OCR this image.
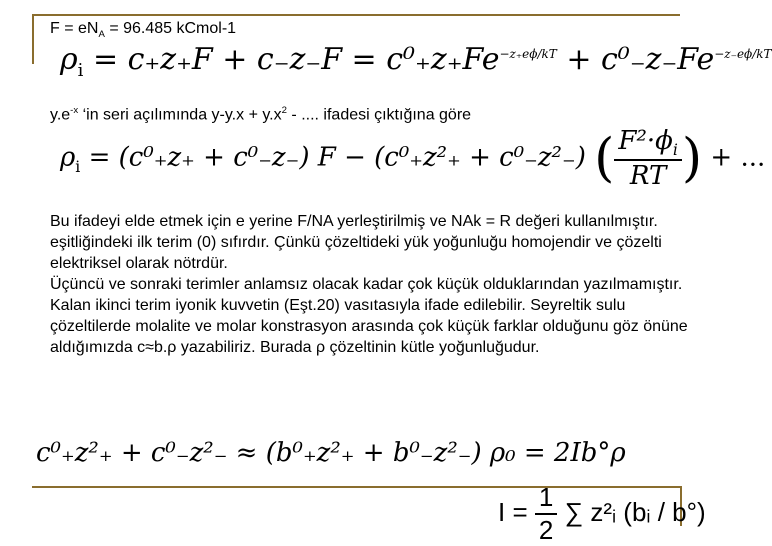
$F = eN_A = 96.485$ kCmol-1
$\rho_i = c_+z_+F + c_-z_-F = c^0_+z_+Fe^{-z_+e\phi/kT} + c^0_-z_-Fe^{-z_-e\phi/kT}$
$y.e^{-x}$ ‘in seri açılımında $y-y.x + y.x^2$ - .... ifadesi çıktığına göre
$\rho_i = (c^0_+z_+ + c^0_-z_-) F - (c^0_+z^2_+ + c^0_-z^2_-)$ ( $\frac{F^2\cdot\phi_i}{RT}$ ) + ...

Bu ifadeyi elde etmek için e yerine F/NA yerleştirilmiş ve NAk = R değeri kullanılmıştır.

eşitliğindeki ilk terim (0) sıfırdır. Çünkü çözeltideki yük yoğunluğu homojendir ve çözelti elektriksel olarak nötrdür.

Üçüncü ve sonraki terimler anlamsız olacak kadar çok küçük olduklarından yazılmamıştır.

Kalan ikinci terim iyonik kuvvetin (Eşt.20) vasıtasıyla ifade edilebilir. Seyreltik sulu çözeltilerde molalite ve molar konstrasyon arasında çok küçük farklar olduğunu göz önüne aldığımızda c≈b.ρ yazabiliriz. Burada ρ çözeltinin kütle yoğunluğudur.

c⁰₊z²₊ + c⁰₋z²₋ ≈ (b⁰₊z²₊ + b⁰₋z²₋) ρ₀ = 2Ib°ρ
$I = \frac{1}{2}$ ∑ z²ᵢ (bᵢ / b°)
